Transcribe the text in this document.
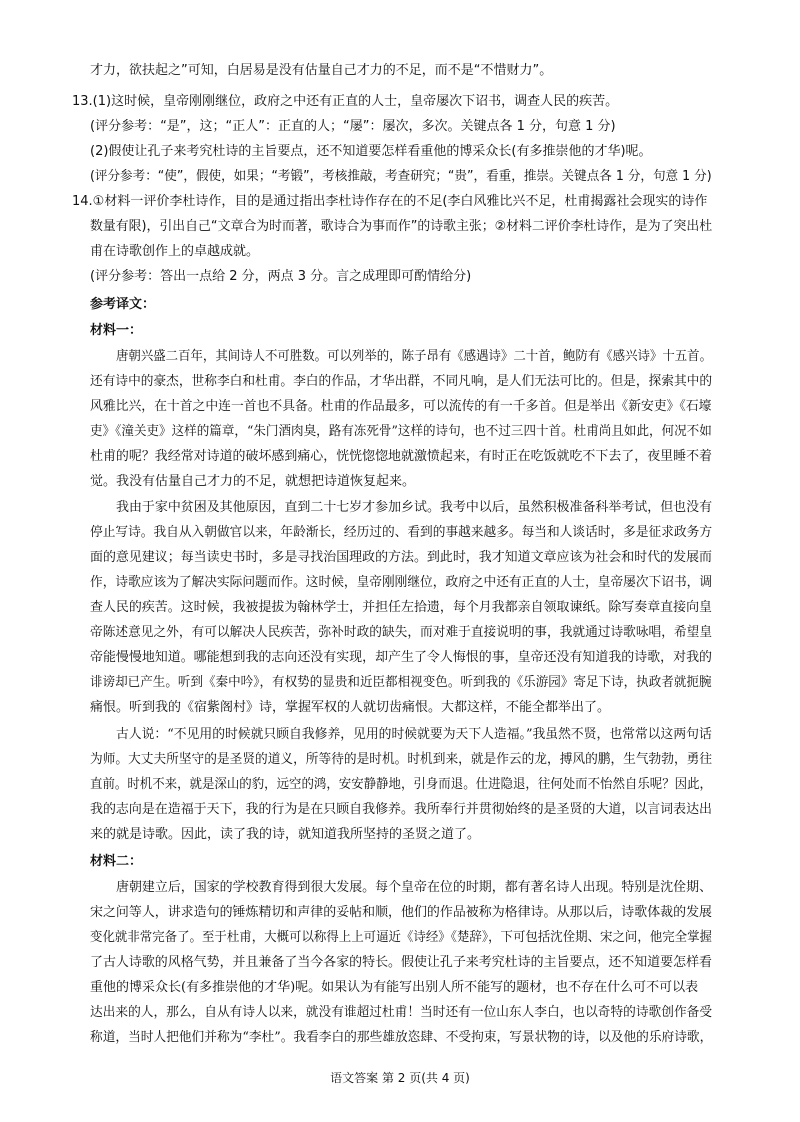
才力，欲扶起之”可知，白居易是没有估量自己才力的不足，而不是“不惜财力”。
13.(1)这时候，皇帝刚刚继位，政府之中还有正直的人士，皇帝屡次下诏书，调查人民的疾苦。
(评分参考：“是”，这；“正人”：正直的人；“屡”：屡次，多次。关键点各 1 分，句意 1 分)
(2)假使让孔子来考究杜诗的主旨要点，还不知道要怎样看重他的博采众长(有多推崇他的才华)呢。
(评分参考：“使”，假使，如果；“考锻”，考核推敲，考查研究；“贵”，看重，推崇。关键点各 1 分，句意 1 分)
14.①材料一评价李杜诗作，目的是通过指出李杜诗作存在的不足(李白风雅比兴不足，杜甫揭露社会现实的诗作
数量有限)，引出自己“文章合为时而著，歌诗合为事而作”的诗歌主张；②材料二评价李杜诗作，是为了突出杜
甫在诗歌创作上的卓越成就。
(评分参考：答出一点给 2 分，两点 3 分。言之成理即可酌情给分)
参考译文：
材料一：
唐朝兴盛二百年，其间诗人不可胜数。可以列举的，陈子昂有《感遇诗》二十首，鲍防有《感兴诗》十五首。
还有诗中的豪杰，世称李白和杜甫。李白的作品，才华出群，不同凡响，是人们无法可比的。但是，探索其中的
风雅比兴，在十首之中连一首也不具备。杜甫的作品最多，可以流传的有一千多首。但是举出《新安吏》《石壕
吏》《潼关吏》这样的篇章，“朱门酒肉臭，路有冻死骨”这样的诗句，也不过三四十首。杜甫尚且如此，何况不如
杜甫的呢？我经常对诗道的破坏感到痛心，恍恍惚惚地就激愤起来，有时正在吃饭就吃不下去了，夜里睡不着
觉。我没有估量自己才力的不足，就想把诗道恢复起来。
我由于家中贫困及其他原因，直到二十七岁才参加乡试。我考中以后，虽然积极准备科举考试，但也没有
停止写诗。我自从入朝做官以来，年龄渐长，经历过的、看到的事越来越多。每当和人谈话时，多是征求政务方
面的意见建议；每当读史书时，多是寻找治国理政的方法。到此时，我才知道文章应该为社会和时代的发展而
作，诗歌应该为了解决实际问题而作。这时候，皇帝刚刚继位，政府之中还有正直的人士，皇帝屡次下诏书，调
查人民的疾苦。这时候，我被提拔为翰林学士，并担任左拾遗，每个月我都亲自领取谏纸。除写奏章直接向皇
帝陈述意见之外，有可以解决人民疾苦，弥补时政的缺失，而对难于直接说明的事，我就通过诗歌咏唱，希望皇
帝能慢慢地知道。哪能想到我的志向还没有实现，却产生了令人悔恨的事，皇帝还没有知道我的诗歌，对我的
诽谤却已产生。听到《秦中吟》，有权势的显贵和近臣都相视变色。听到我的《乐游园》寄足下诗，执政者就扼腕
痛恨。听到我的《宿紫阁村》诗，掌握军权的人就切齿痛恨。大都这样，不能全都举出了。
古人说：“不见用的时候就只顾自我修养，见用的时候就要为天下人造福。”我虽然不贤，也常常以这两句话
为师。大丈夫所坚守的是圣贤的道义，所等待的是时机。时机到来，就是作云的龙，搏风的鹏，生气勃勃，勇往
直前。时机不来，就是深山的豹，远空的鸿，安安静静地，引身而退。仕进隐退，往何处而不怡然自乐呢？因此，
我的志向是在造福于天下，我的行为是在只顾自我修养。我所奉行并贯彻始终的是圣贤的大道，以言词表达出
来的就是诗歌。因此，读了我的诗，就知道我所坚持的圣贤之道了。
材料二：
唐朝建立后，国家的学校教育得到很大发展。每个皇帝在位的时期，都有著名诗人出现。特别是沈佺期、
宋之问等人，讲求造句的锤炼精切和声律的妥帖和顺，他们的作品被称为格律诗。从那以后，诗歌体裁的发展
变化就非常完备了。至于杜甫，大概可以称得上上可逼近《诗经》《楚辞》，下可包括沈佺期、宋之问，他完全掌握
了古人诗歌的风格气势，并且兼备了当今各家的特长。假使让孔子来考究杜诗的主旨要点，还不知道要怎样看
重他的博采众长(有多推崇他的才华)呢。如果认为有能写出别人所不能写的题材，也不存在什么可不可以表
达出来的人，那么，自从有诗人以来，就没有谁超过杜甫！当时还有一位山东人李白，也以奇特的诗歌创作备受
称道，当时人把他们并称为“李杜”。我看李白的那些雄放恣肆、不受拘束，写景状物的诗，以及他的乐府诗歌，
语文答案 第 2 页(共 4 页)
